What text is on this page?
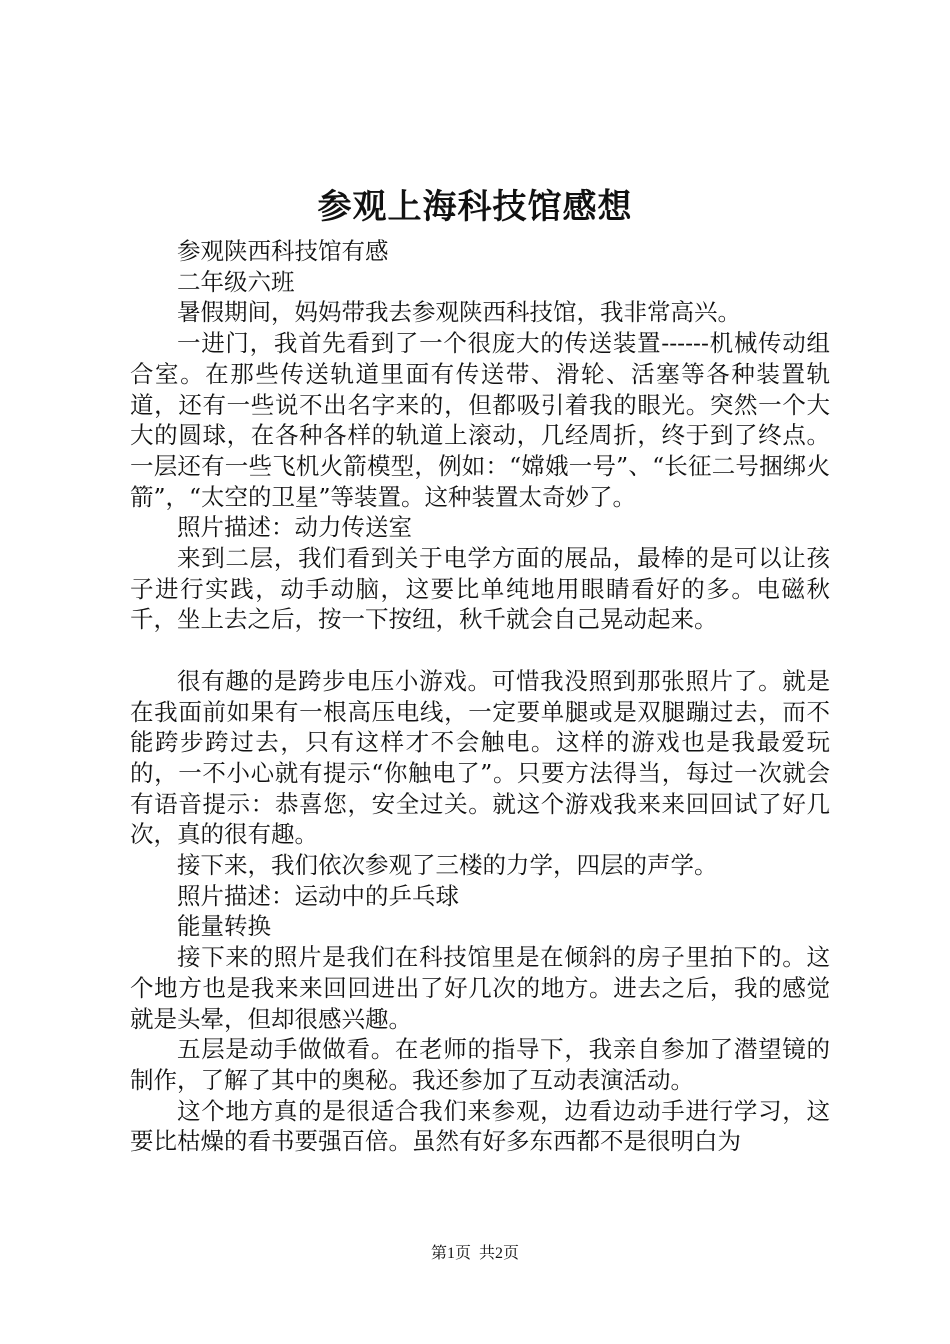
参观上海科技馆感想

参观陕西科技馆有感

二年级六班

暑假期间，妈妈带我去参观陕西科技馆，我非常高兴。

一进门，我首先看到了一个很庞大的传送装置------机械传动组合室。在那些传送轨道里面有传送带、滑轮、活塞等各种装置轨道，还有一些说不出名字来的，但都吸引着我的眼光。突然一个大大的圆球，在各种各样的轨道上滚动，几经周折，终于到了终点。一层还有一些飞机火箭模型，例如：“嫦娥一号”、“长征二号捆绑火箭”，“太空的卫星”等装置。这种装置太奇妙了。

照片描述：动力传送室

来到二层，我们看到关于电学方面的展品，最棒的是可以让孩子进行实践，动手动脑，这要比单纯地用眼睛看好的多。电磁秋千，坐上去之后，按一下按纽，秋千就会自己晃动起来。

很有趣的是跨步电压小游戏。可惜我没照到那张照片了。就是在我面前如果有一根高压电线，一定要单腿或是双腿蹦过去，而不能跨步跨过去，只有这样才不会触电。这样的游戏也是我最爱玩的，一不小心就有提示“你触电了”。只要方法得当，每过一次就会有语音提示：恭喜您，安全过关。就这个游戏我来来回回试了好几次，真的很有趣。

接下来，我们依次参观了三楼的力学，四层的声学。

照片描述：运动中的乒乓球

能量转换

接下来的照片是我们在科技馆里是在倾斜的房子里拍下的。这个地方也是我来来回回进出了好几次的地方。进去之后，我的感觉就是头晕，但却很感兴趣。

五层是动手做做看。在老师的指导下，我亲自参加了潜望镜的制作，了解了其中的奥秘。我还参加了互动表演活动。

这个地方真的是很适合我们来参观，边看边动手进行学习，这要比枯燥的看书要强百倍。虽然有好多东西都不是很明白为

第1页 共2页
